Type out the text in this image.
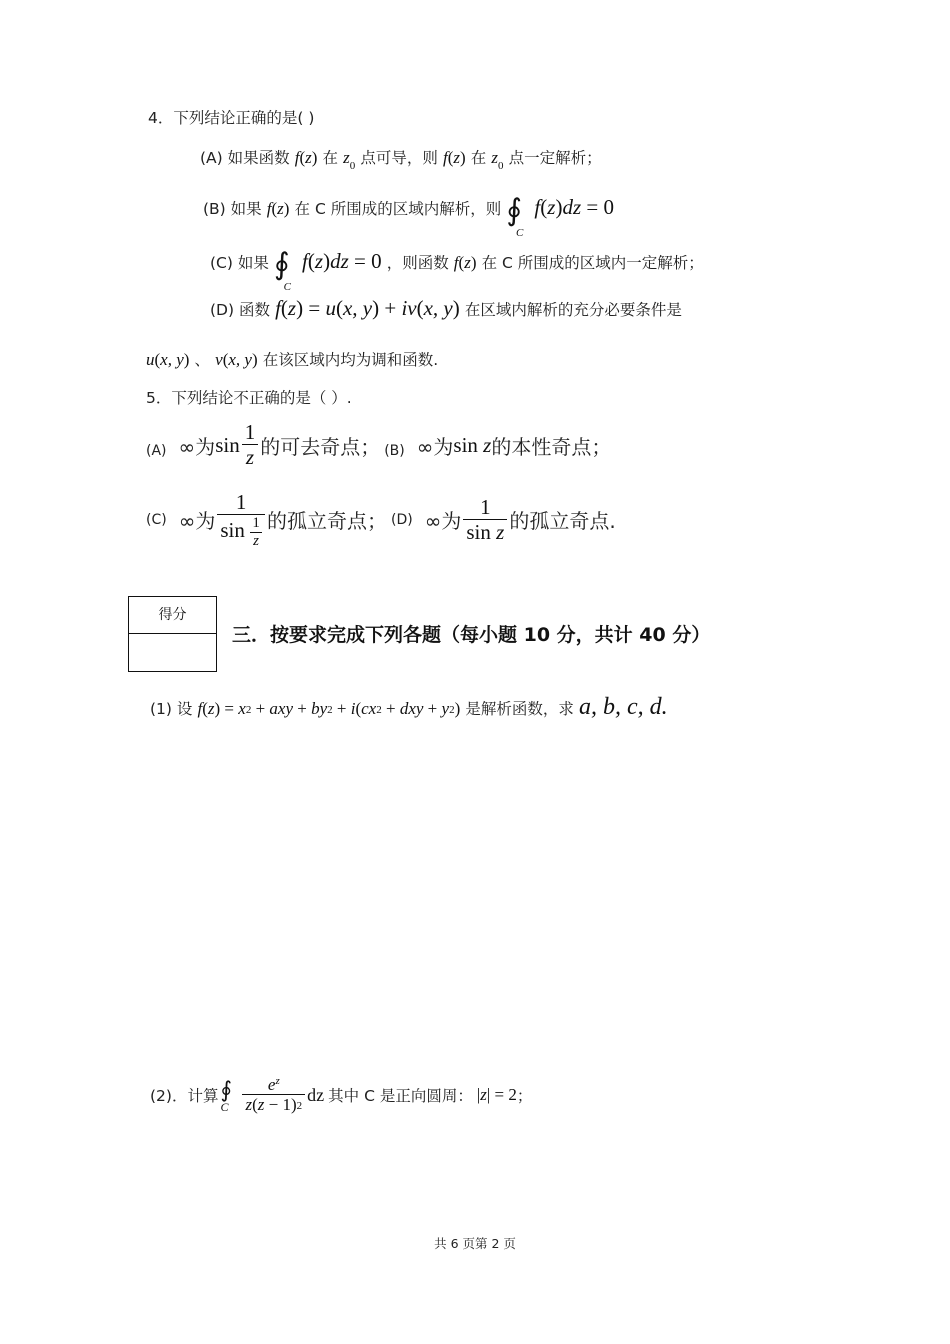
4．下列结论正确的是( )
(A) 如果函数 f(z) 在 $z_0$ 点可导，则 f(z) 在 $z_0$ 点一定解析；
(B) 如果 f(z) 在 C 所围成的区域内解析，则 $∮_C$ f(z)dz = 0
(C) 如果 $∮_C$ f(z)dz = 0 ，则函数 f(z) 在 C 所围成的区域内一定解析；
(D) 函数 f(z) = u(x, y) + iv(x, y) 在区域内解析的充分必要条件是
u(x, y) 、 v(x, y) 在该区域内均为调和函数.
5．下列结论不正确的是（ ）.
(A) ∞为 $\sin \frac{1}{z}$ 的可去奇点； (B) ∞为 sin z 的本性奇点；
(C) ∞为 $\frac{1}{\sin \frac{1}{z}}$ 的孤立奇点； (D) ∞为 $\frac{1}{\text{sin z}}$ 的孤立奇点.
得分
三．按要求完成下列各题（每小题 10 分，共计 40 分）
(1) 设 f(z) = x2 + axy + by2 + i(cx2 + dxy + y2) 是解析函数，求 a, b, c, d.
(2)．计算 ∮
C $\frac{e^z}{z(z - 1)2}$ dz 其中 C 是正向圆周： |z| = 2 ；
共 6 页第 2 页
